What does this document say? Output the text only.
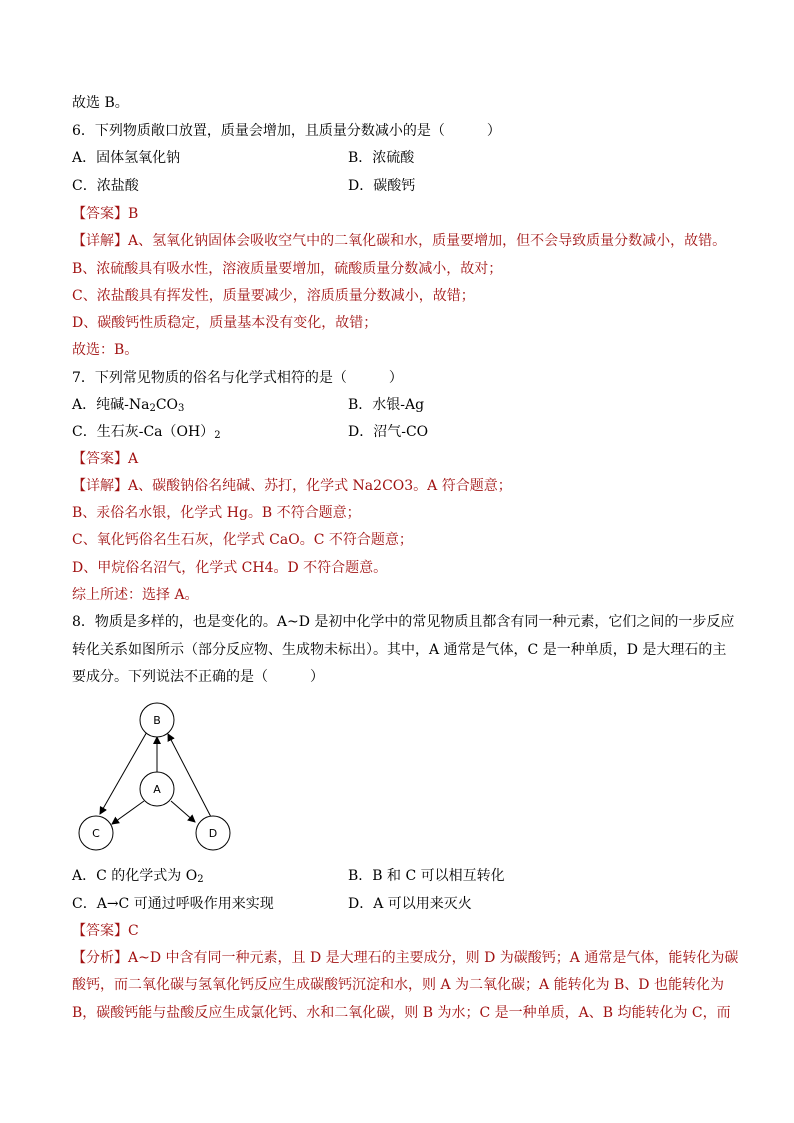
故选 B。
6．下列物质敞口放置，质量会增加，且质量分数减小的是（　　　）
A．固体氢氧化钠	B．浓硫酸
C．浓盐酸	D．碳酸钙
【答案】B
【详解】A、氢氧化钠固体会吸收空气中的二氧化碳和水，质量要增加，但不会导致质量分数减小，故错。
B、浓硫酸具有吸水性，溶液质量要增加，硫酸质量分数减小，故对；
C、浓盐酸具有挥发性，质量要减少，溶质质量分数减小，故错；
D、碳酸钙性质稳定，质量基本没有变化，故错；
故选：B。
7．下列常见物质的俗名与化学式相符的是（　　　）
A．纯碱$-Na_2CO_3$	B．水银-Ag
C．生石灰$-Ca(OH)_2$	D．沼气-CO
【答案】A
【详解】A、碳酸钠俗名纯碱、苏打，化学式 Na2CO3。A 符合题意；
B、汞俗名水银，化学式 Hg。B 不符合题意；
C、氧化钙俗名生石灰，化学式 CaO。C 不符合题意；
D、甲烷俗名沼气，化学式 CH4。D 不符合题意。
综上所述：选择 A。
8．物质是多样的，也是变化的。A~D 是初中化学中的常见物质且都含有同一种元素，它们之间的一步反应
转化关系如图所示（部分反应物、生成物未标出）。其中，A 通常是气体，C 是一种单质，D 是大理石的主
要成分。下列说法不正确的是（　　　）
A
B
C	D
A．C 的化学式为 $O_2$	B．B 和 C 可以相互转化
C．A→C 可通过呼吸作用来实现	D．A 可以用来灭火
【答案】C
【分析】A~D 中含有同一种元素，且 D 是大理石的主要成分，则 D 为碳酸钙；A 通常是气体，能转化为碳
酸钙，而二氧化碳与氢氧化钙反应生成碳酸钙沉淀和水，则 A 为二氧化碳；A 能转化为 B、D 也能转化为
B，碳酸钙能与盐酸反应生成氯化钙、水和二氧化碳，则 B 为水；C 是一种单质，A、B 均能转化为 C，而
